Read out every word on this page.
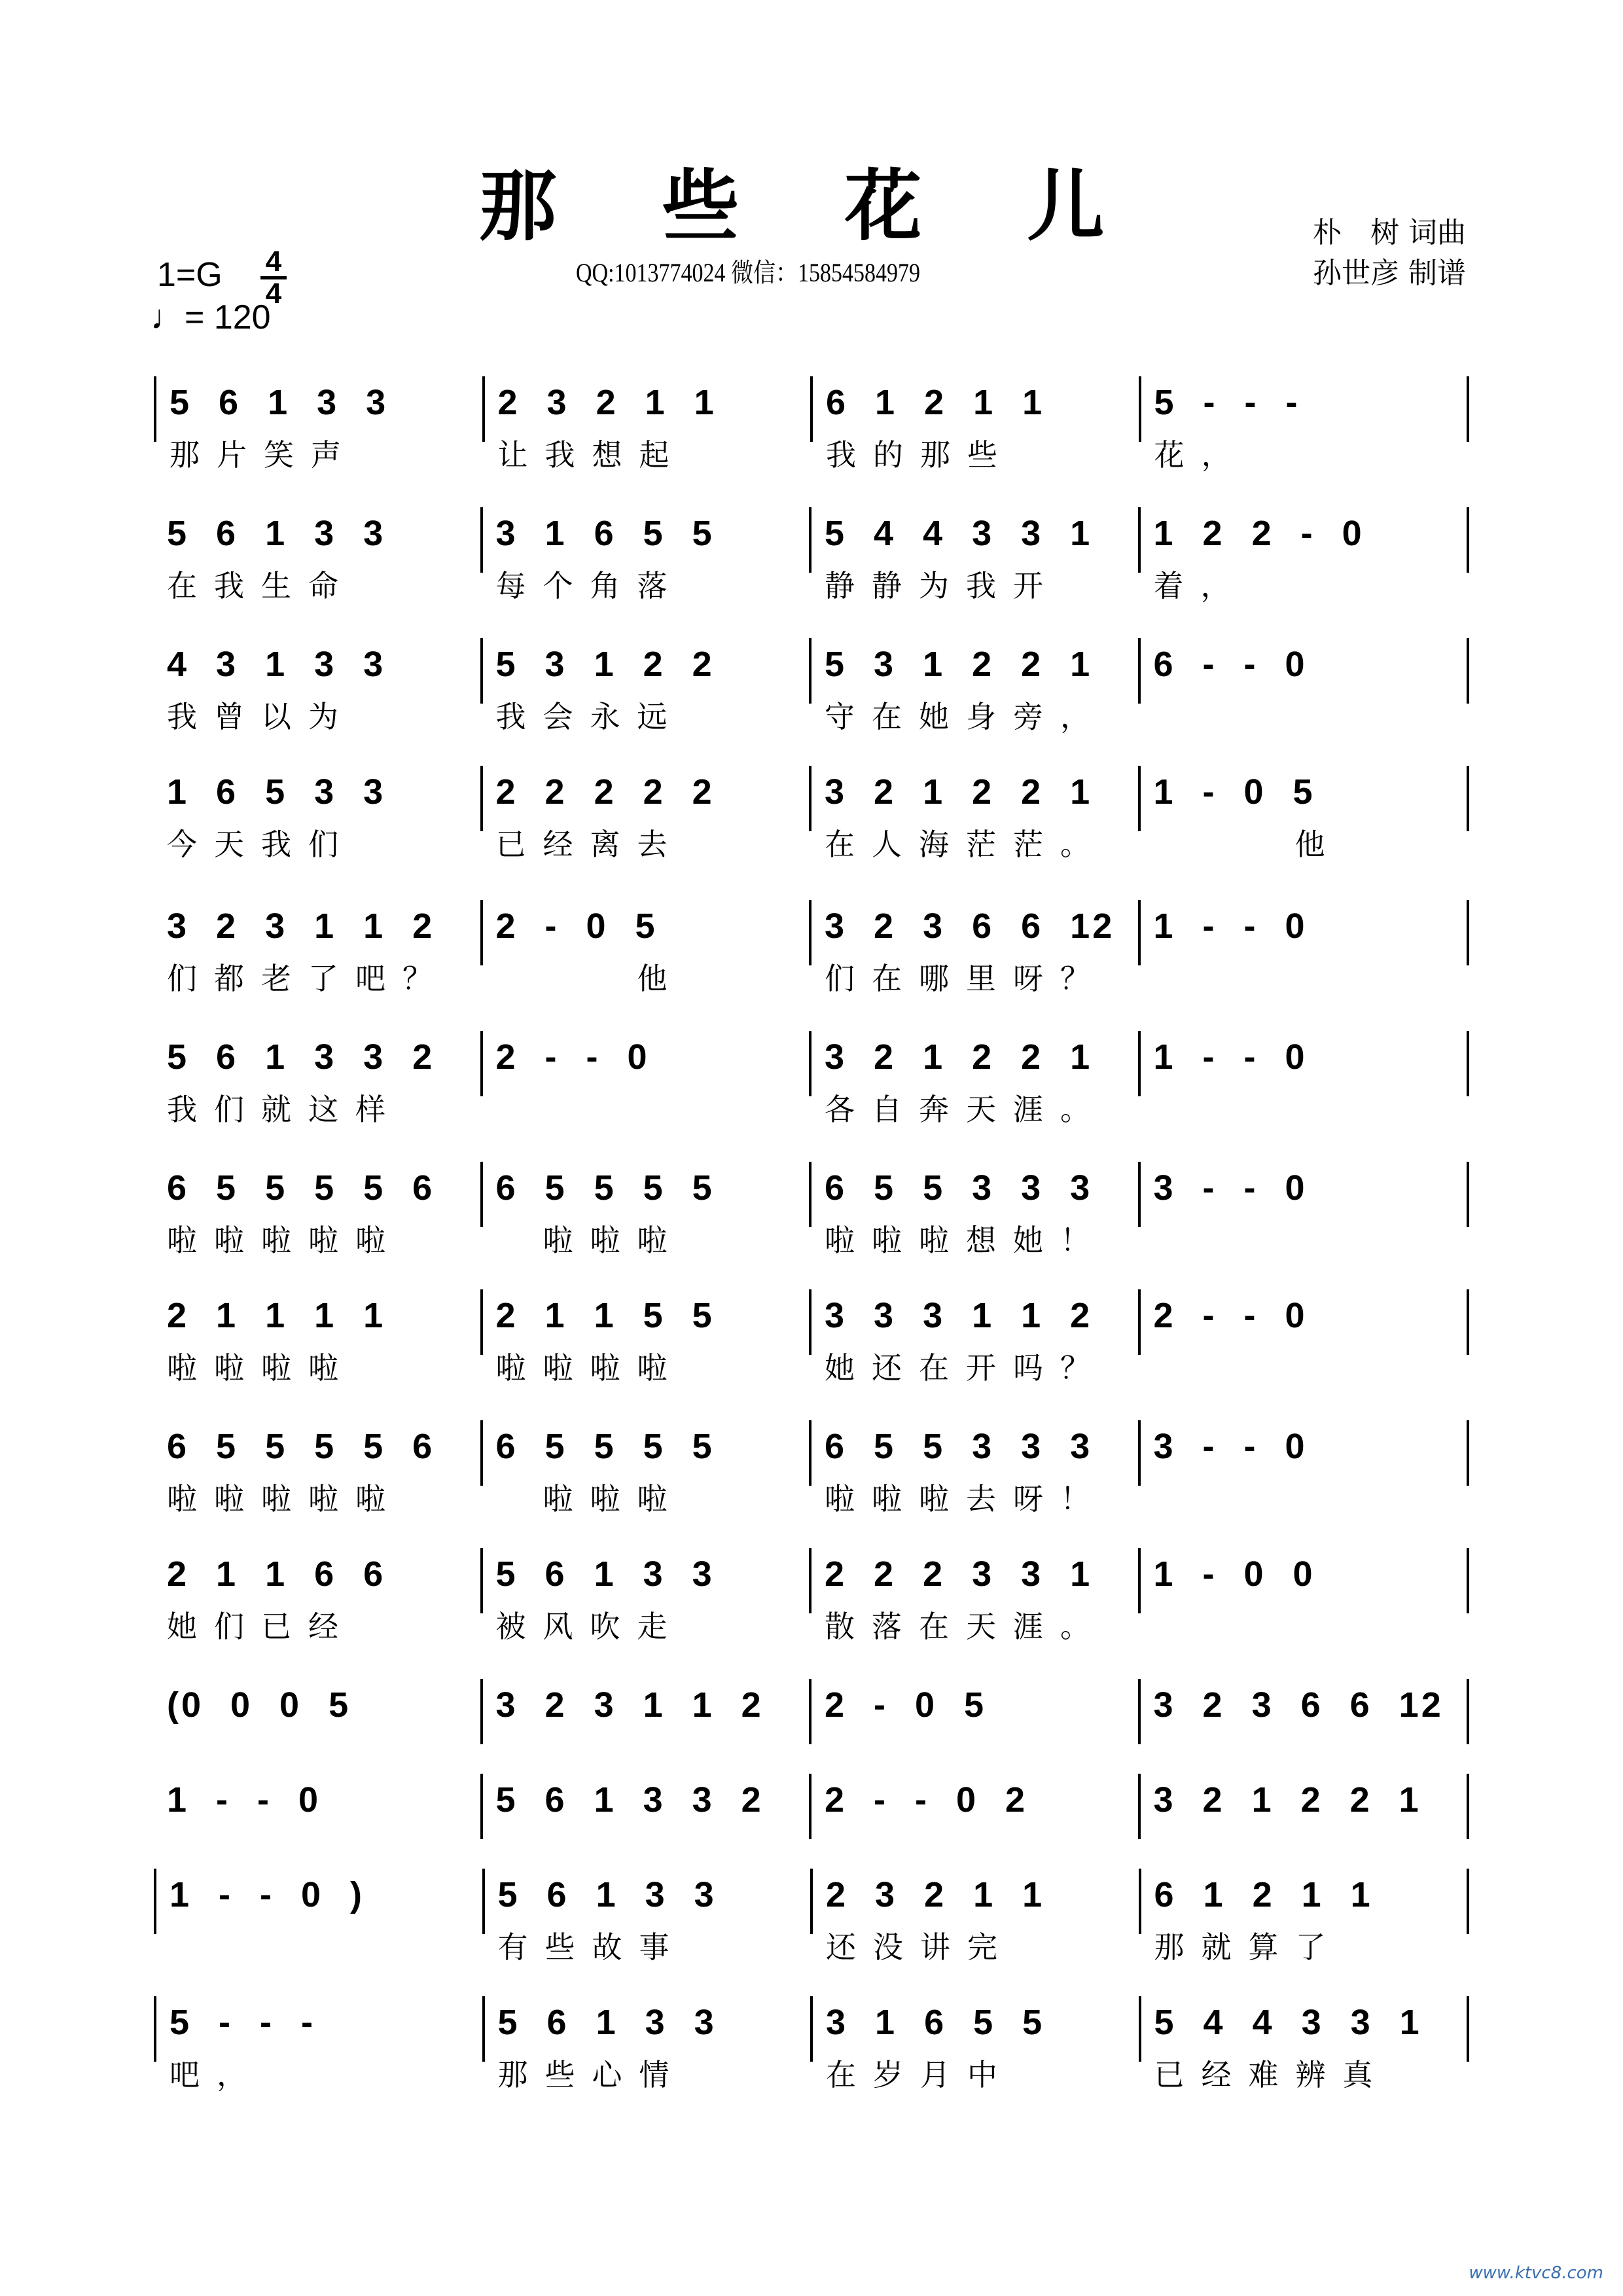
那 些 花 儿
QQ:1013774024 微信：15854584979
朴　树 词曲
孙世彦 制谱
1=G 4
4
♩= 120
5 6 1 3 3
那片笑声
2 3 2 1 1
让我想起
6 1 2 1 1
我的那些
5 - - -
花，
5 6 1 3 3
在我生命
3 1 6 5 5
每个角落
5 4 4 3 3 1
静静为我开
1 2 2 - 0
着，
4 3 1 3 3
我曾以为
5 3 1 2 2
我会永远
5 3 1 2 2 1
守在她身旁，
6 - - 0
1 6 5 3 3
今天我们
2 2 2 2 2
已经离去
3 2 1 2 2 1
在人海茫茫。
1 - 0 5
　　　他
3 2 3 1 1 2
们都老了吧？
2 - 0 5
　　　他
3 2 3 6 6 12
们在哪里呀？
1 - - 0
5 6 1 3 3 2
我们就这样
2 - - 0	3 2 1 2 2 1
各自奔天涯。
1 - - 0
6 5 5 5 5 6
啦啦啦啦啦
6 5 5 5 5
　啦啦啦
6 5 5 3 3 3
啦啦啦想她！
3 - - 0
2 1 1 1 1
啦啦啦啦
2 1 1 5 5
啦啦啦啦
3 3 3 1 1 2
她还在开吗？
2 - - 0
6 5 5 5 5 6
啦啦啦啦啦
6 5 5 5 5
　啦啦啦
6 5 5 3 3 3
啦啦啦去呀！
3 - - 0
2 1 1 6 6
她们已经
5 6 1 3 3
被风吹走
2 2 2 3 3 1
散落在天涯。
1 - 0 0
(0 0 0 5	3 2 3 1 1 2	2 - 0 5	3 2 3 6 6 12
1 - - 0	5 6 1 3 3 2	2 - - 0 2	3 2 1 2 2 1
1 - - 0 )	5 6 1 3 3
有些故事
2 3 2 1 1
还没讲完
6 1 2 1 1
那就算了
5 - - -
吧，
5 6 1 3 3
那些心情
3 1 6 5 5
在岁月中
5 4 4 3 3 1
已经难辨真
www.ktvc8.com
